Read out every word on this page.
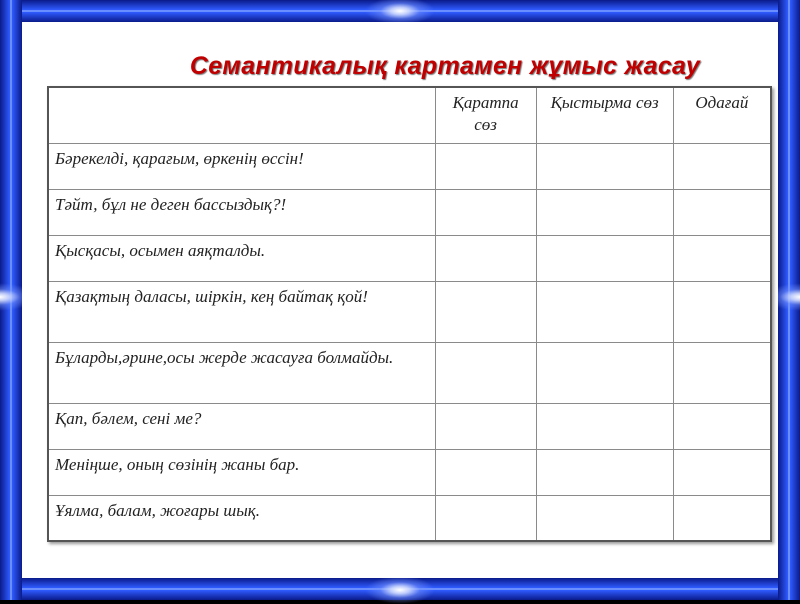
Семантикалық картамен жұмыс жасау
	Қаратпа сөз	Қыстырма сөз	Одағай
Бәрекелді, қарағым, өркенің өссін!			
Тәйт, бұл не деген бассыздық?!			
Қысқасы, осымен аяқталды.			
Қазақтың даласы, шіркін, кең байтақ қой!			
Бұларды,әрине,осы жерде жасауға болмайды.			
Қап, бәлем, сені ме?			
Меніңше, оның сөзінің жаны бар.			
Ұялма, балам, жоғары шық.			
